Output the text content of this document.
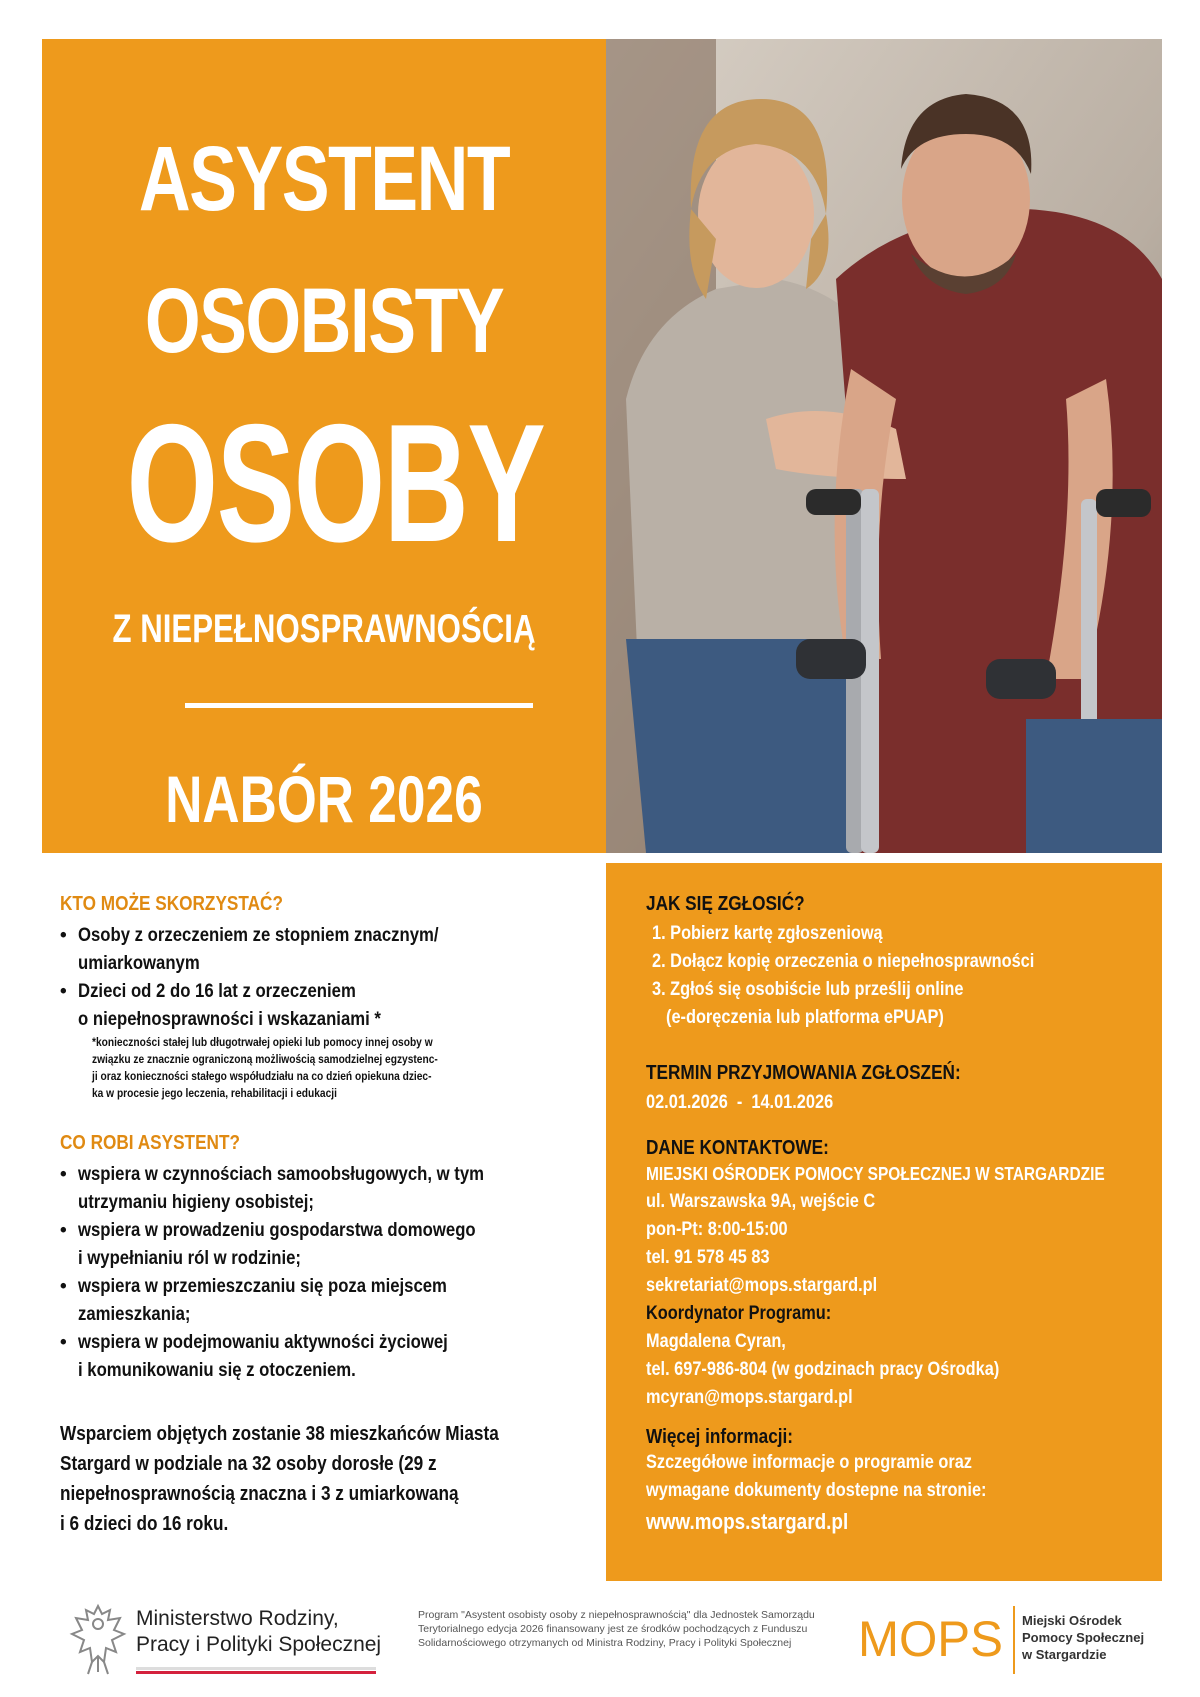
ASYSTENT
OSOBISTY
OSOBY
Z NIEPEŁNOSPRAWNOŚCIĄ
NABÓR 2026
KTO MOŻE SKORZYSTAĆ?
• Osoby z orzeczeniem ze stopniem znacznym/
umiarkowanym
• Dzieci od 2 do 16 lat z orzeczeniem
o niepełnosprawności i wskazaniami *
*konieczności stałej lub długotrwałej opieki lub pomocy innej osoby w
związku ze znacznie ograniczoną możliwością samodzielnej egzystenc-
ji oraz konieczności stałego współudziału na co dzień opiekuna dziec-
ka w procesie jego leczenia, rehabilitacji i edukacji
CO ROBI ASYSTENT?
• wspiera w czynnościach samoobsługowych, w tym
utrzymaniu higieny osobistej;
• wspiera w prowadzeniu gospodarstwa domowego
i wypełnianiu ról w rodzinie;
• wspiera w przemieszczaniu się poza miejscem
zamieszkania;
• wspiera w podejmowaniu aktywności życiowej
i komunikowaniu się z otoczeniem.
Wsparciem objętych zostanie 38 mieszkańców Miasta
Stargard w podziale na 32 osoby dorosłe (29 z
niepełnosprawnością znaczna i 3 z umiarkowaną
i 6 dzieci do 16 roku.
JAK SIĘ ZGŁOSIĆ?
1. Pobierz kartę zgłoszeniową
2. Dołącz kopię orzeczenia o niepełnosprawności
3. Zgłoś się osobiście lub prześlij online
(e-doręczenia lub platforma ePUAP)
TERMIN PRZYJMOWANIA ZGŁOSZEŃ:
02.01.2026  -  14.01.2026
DANE KONTAKTOWE:
MIEJSKI OŚRODEK POMOCY SPOŁECZNEJ W STARGARDZIE
ul. Warszawska 9A, wejście C
pon-Pt: 8:00-15:00
tel. 91 578 45 83
sekretariat@mops.stargard.pl
Koordynator Programu:
Magdalena Cyran,
tel. 697-986-804 (w godzinach pracy Ośrodka)
mcyran@mops.stargard.pl
Więcej informacji:
Szczegółowe informacje o programie oraz
wymagane dokumenty dostepne na stronie:
www.mops.stargard.pl
Ministerstwo Rodziny,
Pracy i Polityki Społecznej
Program "Asystent osobisty osoby z niepełnosprawnością" dla Jednostek Samorządu Terytorialnego edycja 2026 finansowany jest ze środków pochodzących z Funduszu Solidarnościowego otrzymanych od Ministra Rodziny, Pracy i Polityki Społecznej	MOPS Miejski Ośrodek
Pomocy Społecznej
w Stargardzie
